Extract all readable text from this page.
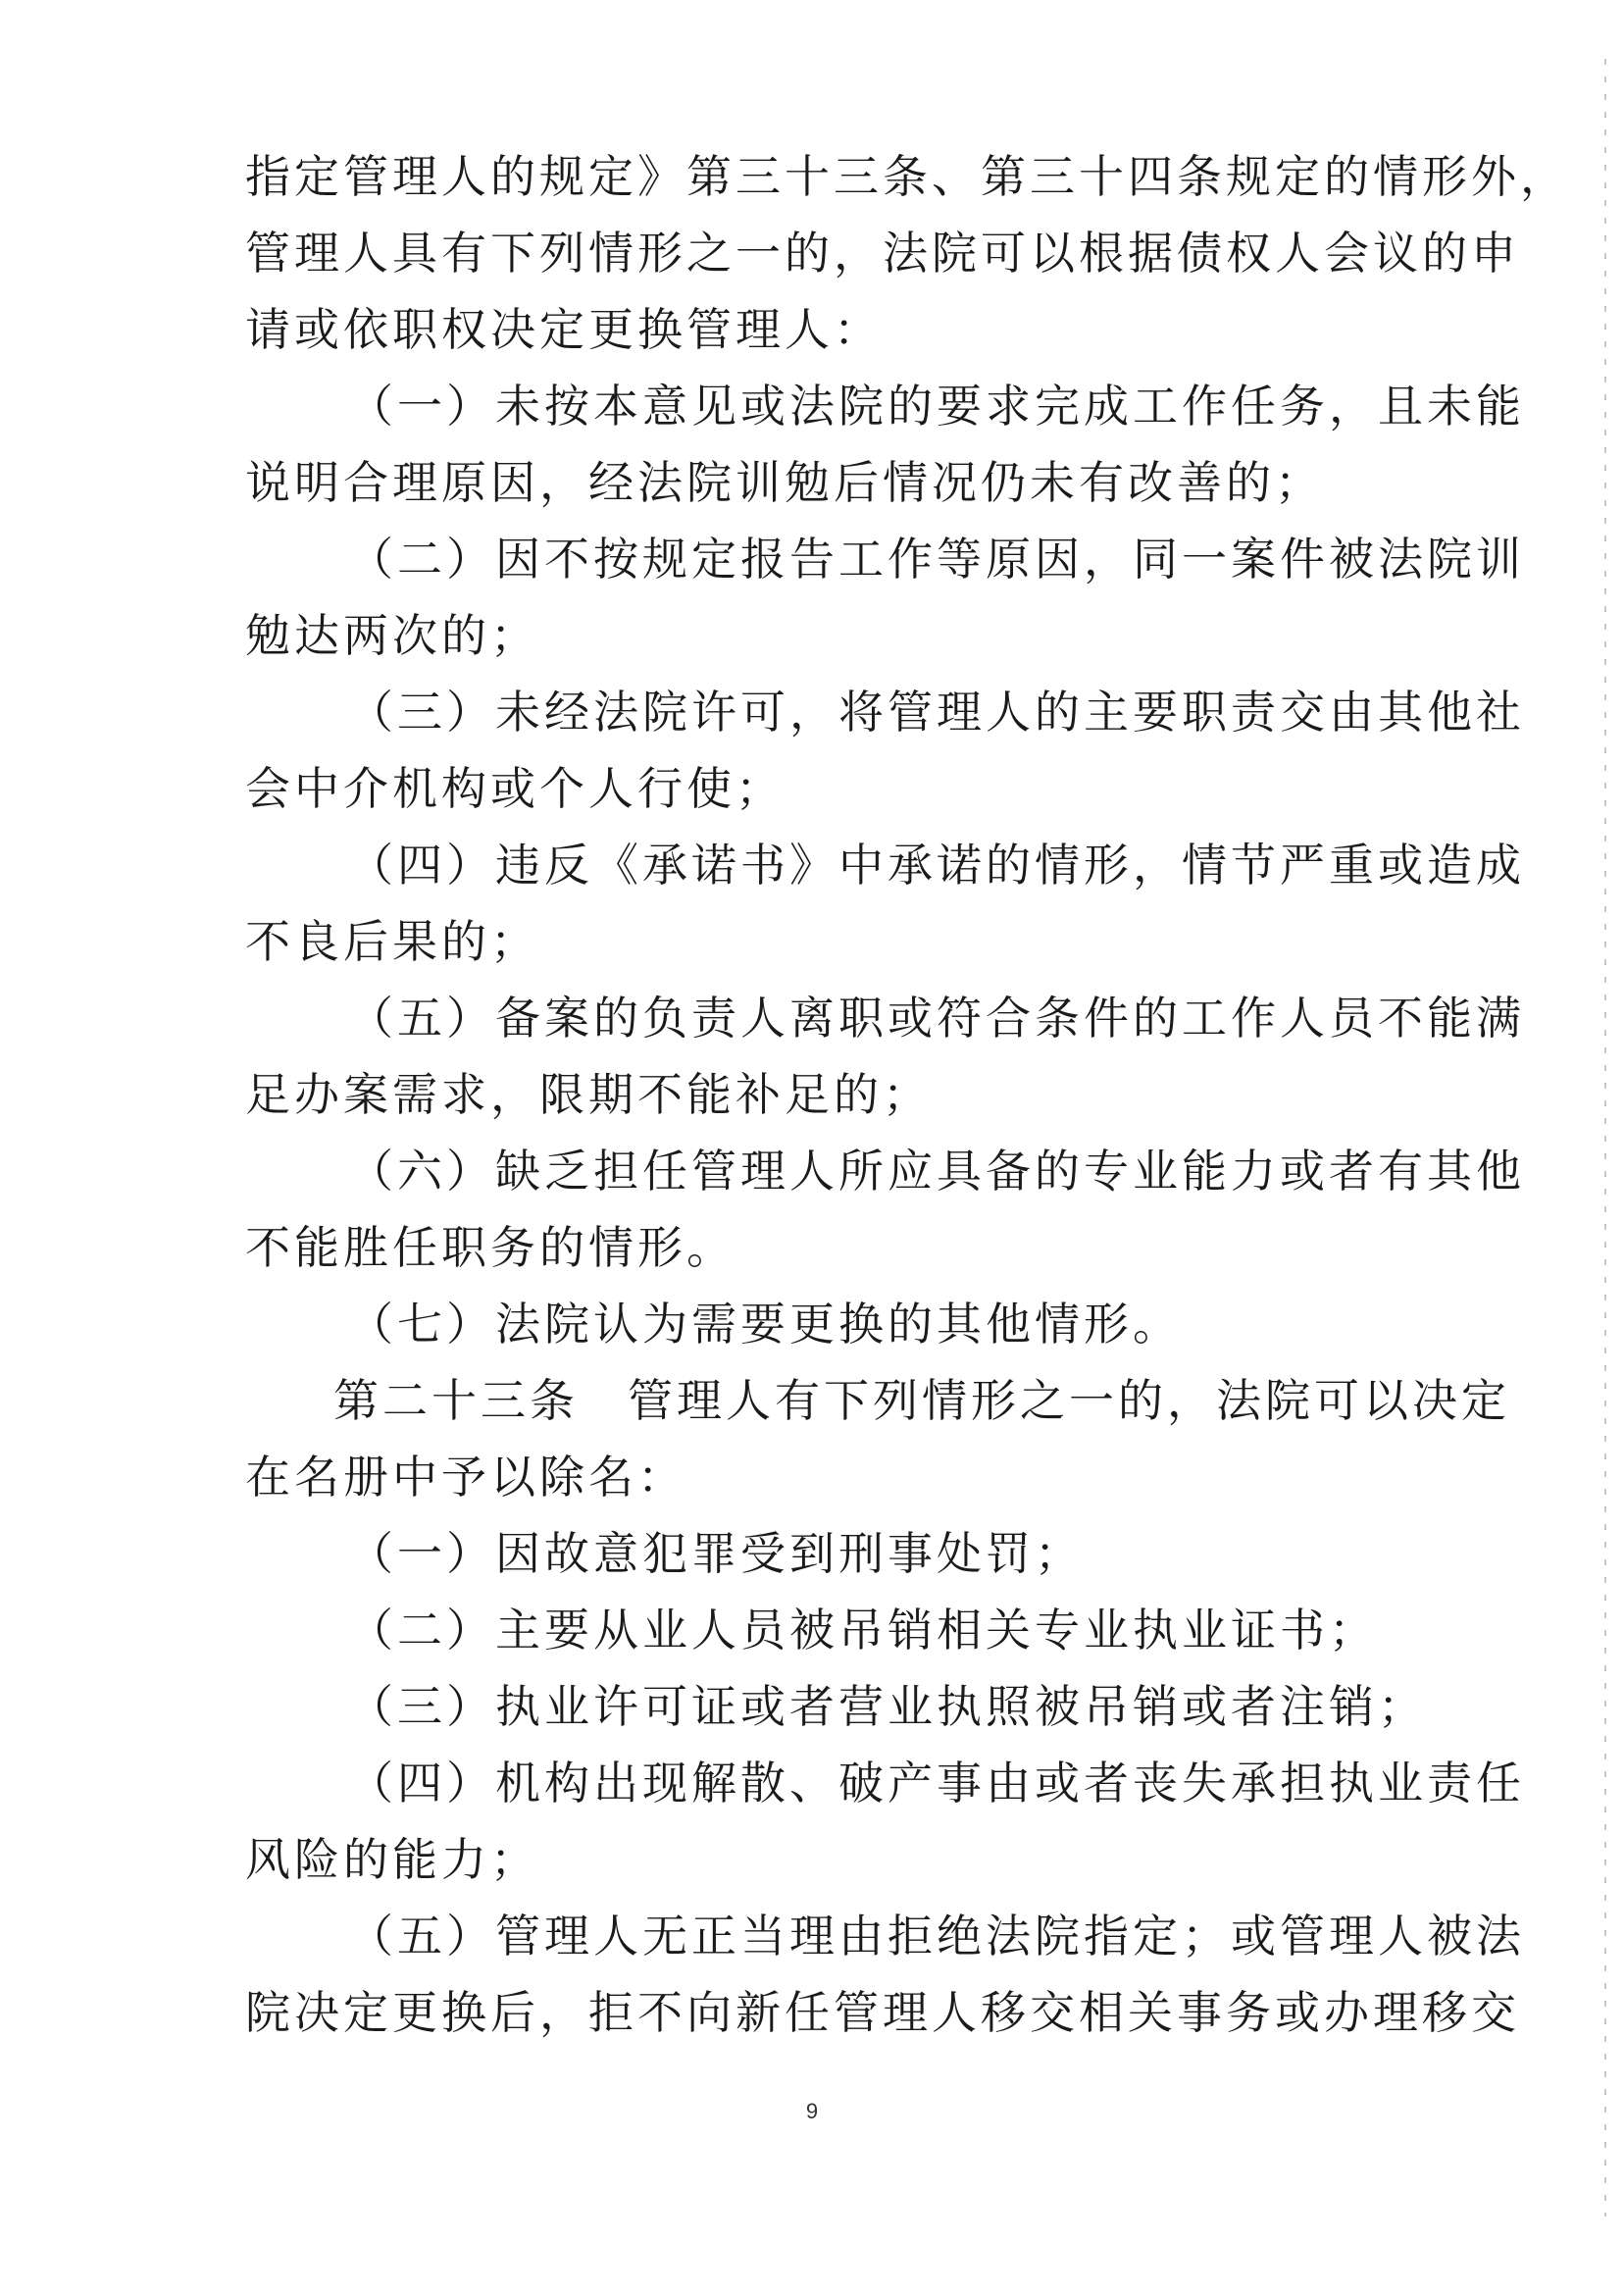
指定管理人的规定》第三十三条、第三十四条规定的情形外，
管理人具有下列情形之一的，法院可以根据债权人会议的申
请或依职权决定更换管理人：
（一）未按本意见或法院的要求完成工作任务，且未能
说明合理原因，经法院训勉后情况仍未有改善的；
（二）因不按规定报告工作等原因，同一案件被法院训
勉达两次的；
（三）未经法院许可，将管理人的主要职责交由其他社
会中介机构或个人行使；
（四）违反《承诺书》中承诺的情形，情节严重或造成
不良后果的；
（五）备案的负责人离职或符合条件的工作人员不能满
足办案需求，限期不能补足的；
（六）缺乏担任管理人所应具备的专业能力或者有其他
不能胜任职务的情形。
（七）法院认为需要更换的其他情形。
第二十三条　管理人有下列情形之一的，法院可以决定
在名册中予以除名：
（一）因故意犯罪受到刑事处罚；
（二）主要从业人员被吊销相关专业执业证书；
（三）执业许可证或者营业执照被吊销或者注销；
（四）机构出现解散、破产事由或者丧失承担执业责任
风险的能力；
9
（五）管理人无正当理由拒绝法院指定；或管理人被法
院决定更换后，拒不向新任管理人移交相关事务或办理移交
